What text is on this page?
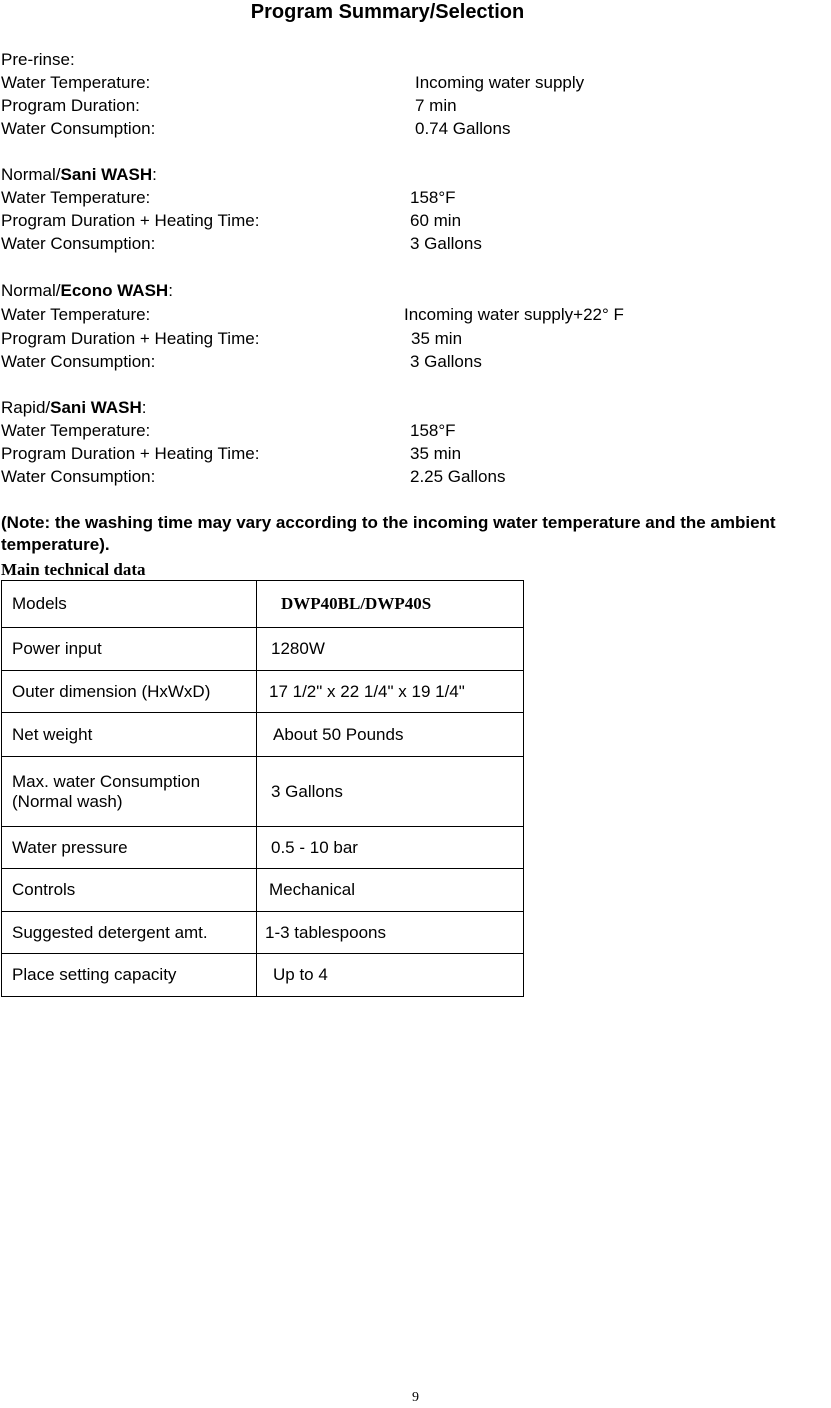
Program Summary/Selection
Pre-rinse:
Water Temperature:	Incoming water supply
Program Duration:	7 min
Water Consumption:	0.74 Gallons
Normal/Sani WASH:
Water Temperature:	158°F
Program Duration + Heating Time:	60 min
Water Consumption:	3 Gallons
Normal/Econo WASH:
Water Temperature:	Incoming water supply+22° F
Program Duration + Heating Time:	35 min
Water Consumption:	3 Gallons
Rapid/Sani WASH:
Water Temperature:	158°F
Program Duration + Heating Time:	35 min
Water Consumption:	2.25 Gallons
(Note: the washing time may vary according to the incoming water temperature and the ambient temperature).
Main technical data
Models	DWP40BL/DWP40S
Power input	1280W
Outer dimension (HxWxD)	17 1/2" x 22 1/4" x 19 1/4"
Net weight	About 50 Pounds

Max. water Consumption
(Normal wash)	3 Gallons
Water pressure	0.5 - 10 bar
Controls	Mechanical
Suggested detergent amt.	1-3 tablespoons
Place setting capacity	Up to 4
9
